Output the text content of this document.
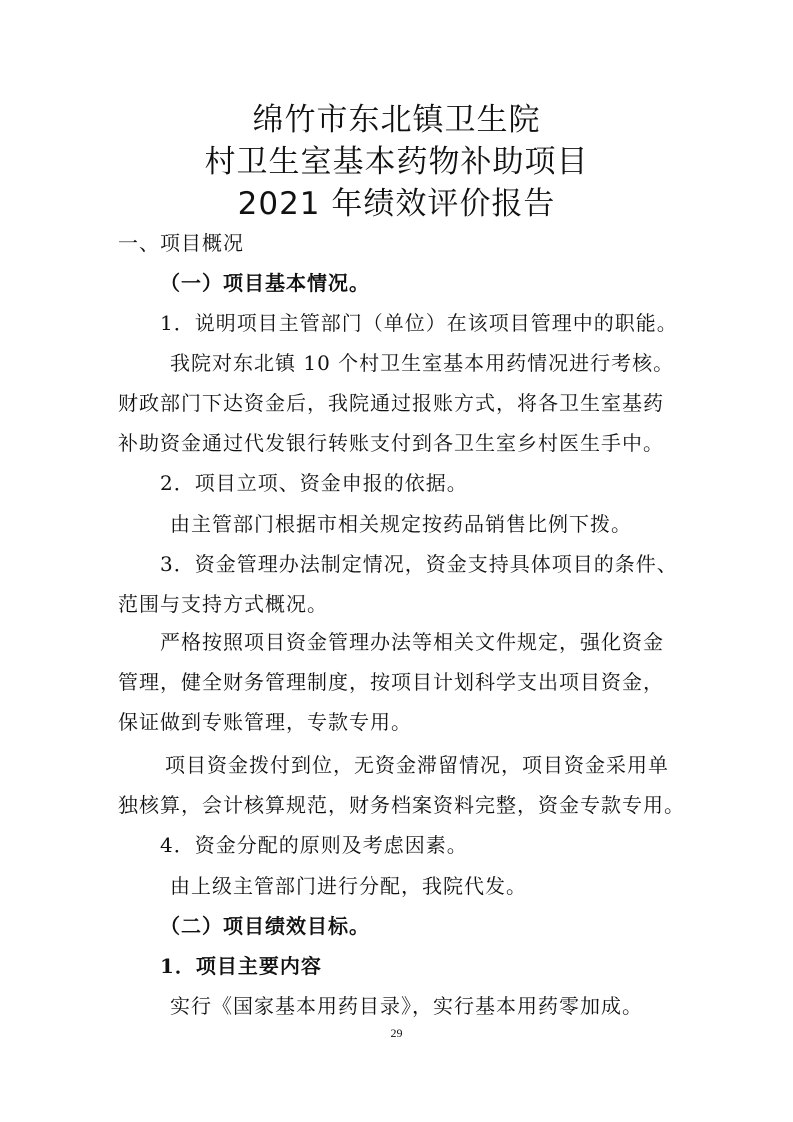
绵竹市东北镇卫生院
村卫生室基本药物补助项目
2021 年绩效评价报告
一、项目概况
（一）项目基本情况。
1．说明项目主管部门（单位）在该项目管理中的职能。
我院对东北镇 10 个村卫生室基本用药情况进行考核。
财政部门下达资金后，我院通过报账方式，将各卫生室基药
补助资金通过代发银行转账支付到各卫生室乡村医生手中。
2．项目立项、资金申报的依据。
由主管部门根据市相关规定按药品销售比例下拨。
3．资金管理办法制定情况，资金支持具体项目的条件、
范围与支持方式概况。
严格按照项目资金管理办法等相关文件规定，强化资金
管理，健全财务管理制度，按项目计划科学支出项目资金，
保证做到专账管理，专款专用。
项目资金拨付到位，无资金滞留情况，项目资金采用单
独核算，会计核算规范，财务档案资料完整，资金专款专用。
4．资金分配的原则及考虑因素。
由上级主管部门进行分配，我院代发。
（二）项目绩效目标。
1．项目主要内容
实行《国家基本用药目录》，实行基本用药零加成。
29
